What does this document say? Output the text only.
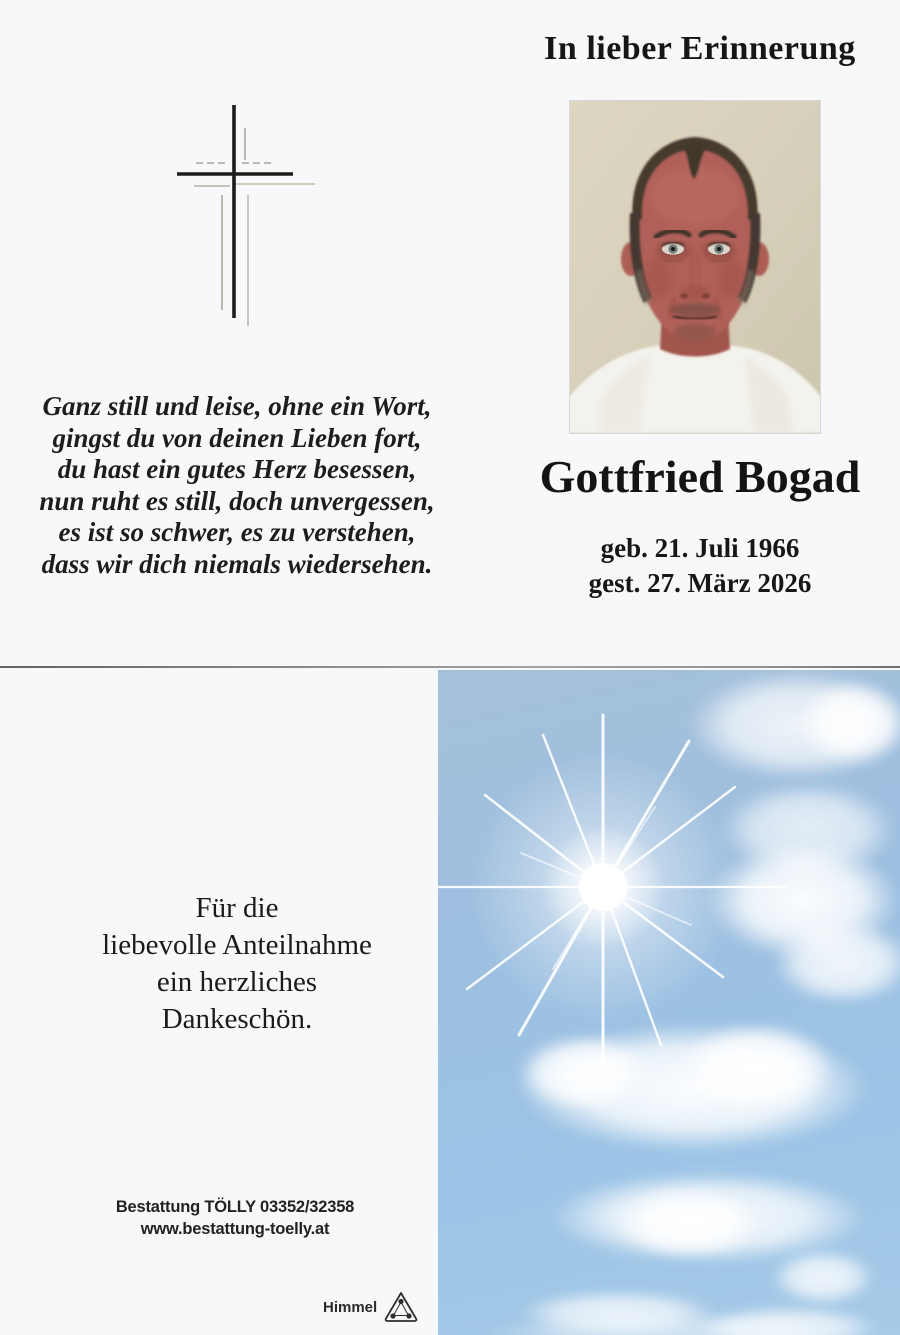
In lieber Erinnerung
Ganz still und leise, ohne ein Wort,
gingst du von deinen Lieben fort,
du hast ein gutes Herz besessen,
nun ruht es still, doch unvergessen,
es ist so schwer, es zu verstehen,
dass wir dich niemals wiedersehen.
Gottfried Bogad
geb. 21. Juli 1966
gest. 27. März 2026
Für die
liebevolle Anteilnahme
ein herzliches
Dankeschön.
Bestattung TÖLLY 03352/32358
www.bestattung-toelly.at
Himmel
